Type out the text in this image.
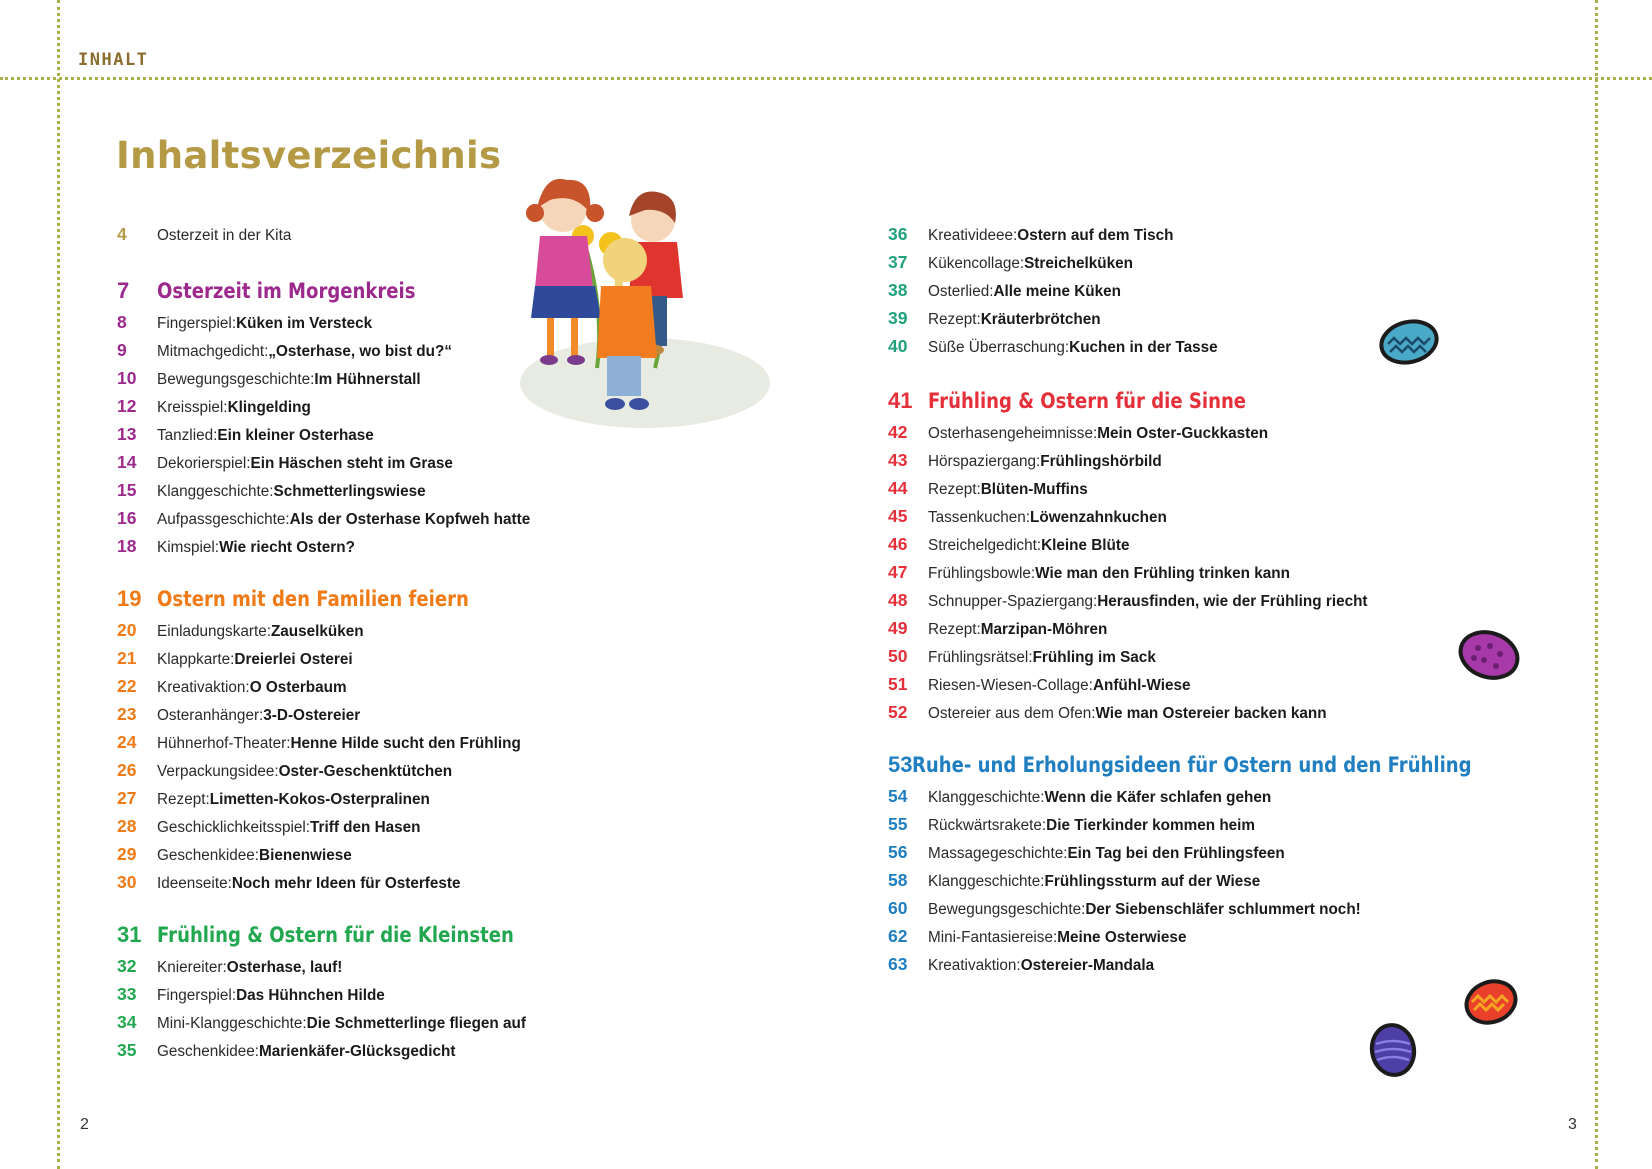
INHALT
Inhaltsverzeichnis
4	Osterzeit in der Kita
7	Osterzeit im Morgenkreis
8	Fingerspiel: Küken im Versteck
9	Mitmachgedicht: „Osterhase, wo bist du?“
10	Bewegungsgeschichte: Im Hühnerstall
12	Kreisspiel: Klingelding
13	Tanzlied: Ein kleiner Osterhase
14	Dekorierspiel: Ein Häschen steht im Grase
15	Klanggeschichte: Schmetterlingswiese
16	Aufpassgeschichte: Als der Osterhase Kopfweh hatte
18	Kimspiel: Wie riecht Ostern?
19 Ostern mit den Familien feiern
20	Einladungskarte: Zauselküken
21	Klappkarte: Dreierlei Osterei
22	Kreativaktion: O Osterbaum
23	Osteranhänger: 3-D-Ostereier
24	Hühnerhof-Theater: Henne Hilde sucht den Frühling
26	Verpackungsidee: Oster-Geschenktütchen
27	Rezept: Limetten-Kokos-Osterpralinen
28	Geschicklichkeitsspiel: Triff den Hasen
29	Geschenkidee: Bienenwiese
30	Ideenseite: Noch mehr Ideen für Osterfeste
31 Frühling & Ostern für die Kleinsten
32	Kniereiter: Osterhase, lauf!
33	Fingerspiel: Das Hühnchen Hilde
34	Mini-Klanggeschichte: Die Schmetterlinge fliegen auf
35	Geschenkidee: Marienkäfer-Glücksgedicht
36	Kreativideee: Ostern auf dem Tisch
37	Kükencollage: Streichelküken
38	Osterlied: Alle meine Küken
39	Rezept: Kräuterbrötchen
40	Süße Überraschung: Kuchen in der Tasse
41 Frühling & Ostern für die Sinne
42	Osterhasengeheimnisse: Mein Oster-Guckkasten
43	Hörspaziergang: Frühlingshörbild
44	Rezept: Blüten-Muffins
45	Tassenkuchen: Löwenzahnkuchen
46	Streichelgedicht: Kleine Blüte
47	Frühlingsbowle: Wie man den Frühling trinken kann
48	Schnupper-Spaziergang: Herausfinden, wie der Frühling riecht
49	Rezept: Marzipan-Möhren
50	Frühlingsrätsel: Frühling im Sack
51	Riesen-Wiesen-Collage: Anfühl-Wiese
52	Ostereier aus dem Ofen: Wie man Ostereier backen kann
53 Ruhe- und Erholungsideen für Ostern und den Frühling
54	Klanggeschichte: Wenn die Käfer schlafen gehen
55	Rückwärtsrakete: Die Tierkinder kommen heim
56	Massagegeschichte: Ein Tag bei den Frühlingsfeen
58	Klanggeschichte: Frühlingssturm auf der Wiese
60	Bewegungsgeschichte: Der Siebenschläfer schlummert noch!
62	Mini-Fantasiereise: Meine Osterwiese
63	Kreativaktion: Ostereier-Mandala
2	3
